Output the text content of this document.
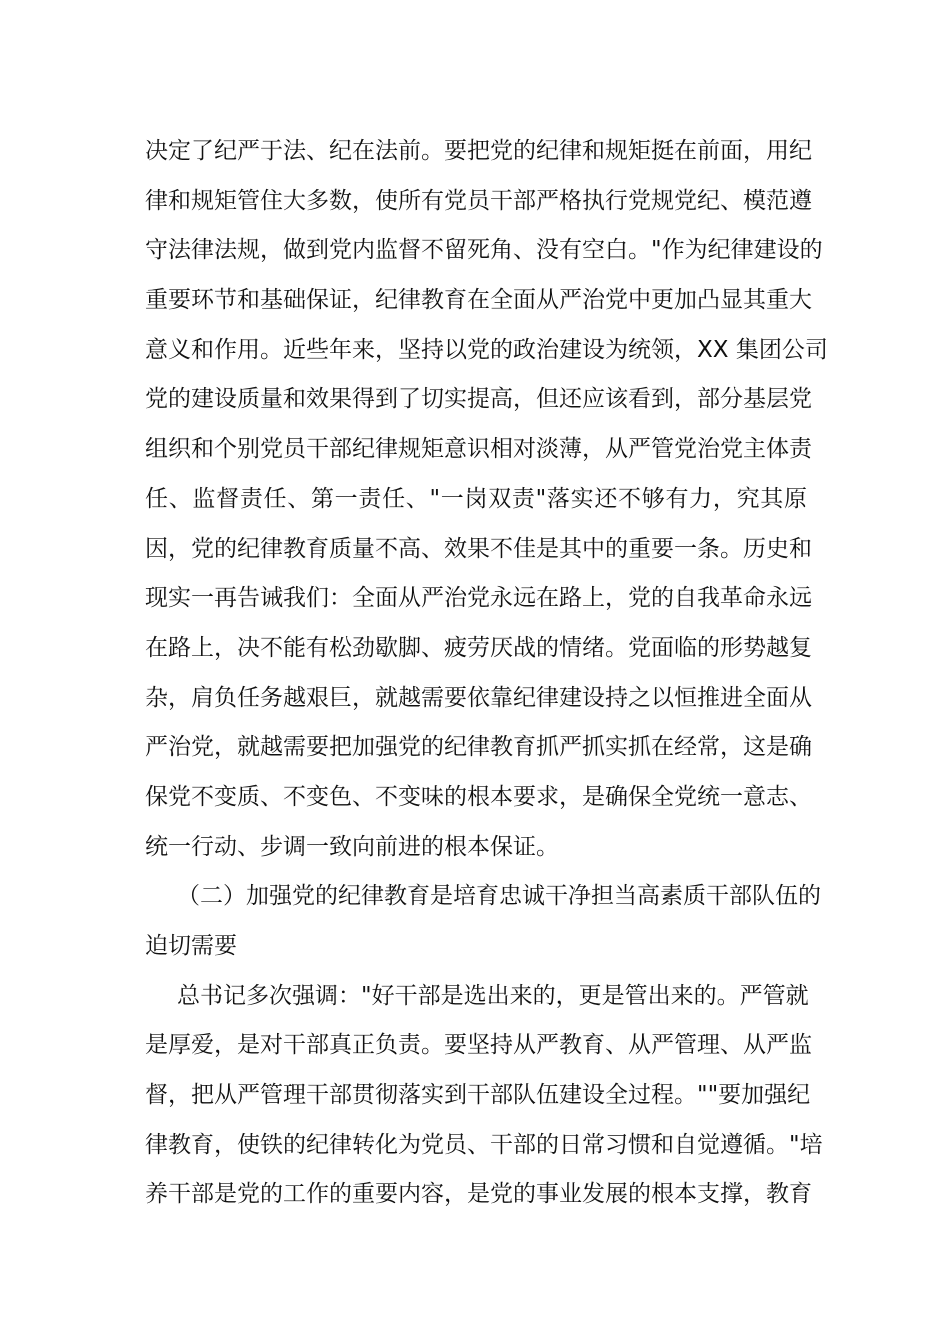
决定了纪严于法、纪在法前。要把党的纪律和规矩挺在前面，用纪
律和规矩管住大多数，使所有党员干部严格执行党规党纪、模范遵
守法律法规，做到党内监督不留死角、没有空白。"作为纪律建设的
重要环节和基础保证，纪律教育在全面从严治党中更加凸显其重大
意义和作用。近些年来，坚持以党的政治建设为统领，XX 集团公司
党的建设质量和效果得到了切实提高，但还应该看到，部分基层党
组织和个别党员干部纪律规矩意识相对淡薄，从严管党治党主体责
任、监督责任、第一责任、"一岗双责"落实还不够有力，究其原
因，党的纪律教育质量不高、效果不佳是其中的重要一条。历史和
现实一再告诫我们：全面从严治党永远在路上，党的自我革命永远
在路上，决不能有松劲歇脚、疲劳厌战的情绪。党面临的形势越复
杂，肩负任务越艰巨，就越需要依靠纪律建设持之以恒推进全面从
严治党，就越需要把加强党的纪律教育抓严抓实抓在经常，这是确
保党不变质、不变色、不变味的根本要求，是确保全党统一意志、
统一行动、步调一致向前进的根本保证。
（二）加强党的纪律教育是培育忠诚干净担当高素质干部队伍的
迫切需要
总书记多次强调："好干部是选出来的，更是管出来的。严管就
是厚爱，是对干部真正负责。要坚持从严教育、从严管理、从严监
督，把从严管理干部贯彻落实到干部队伍建设全过程。""要加强纪
律教育，使铁的纪律转化为党员、干部的日常习惯和自觉遵循。"培
养干部是党的工作的重要内容，是党的事业发展的根本支撑，教育
